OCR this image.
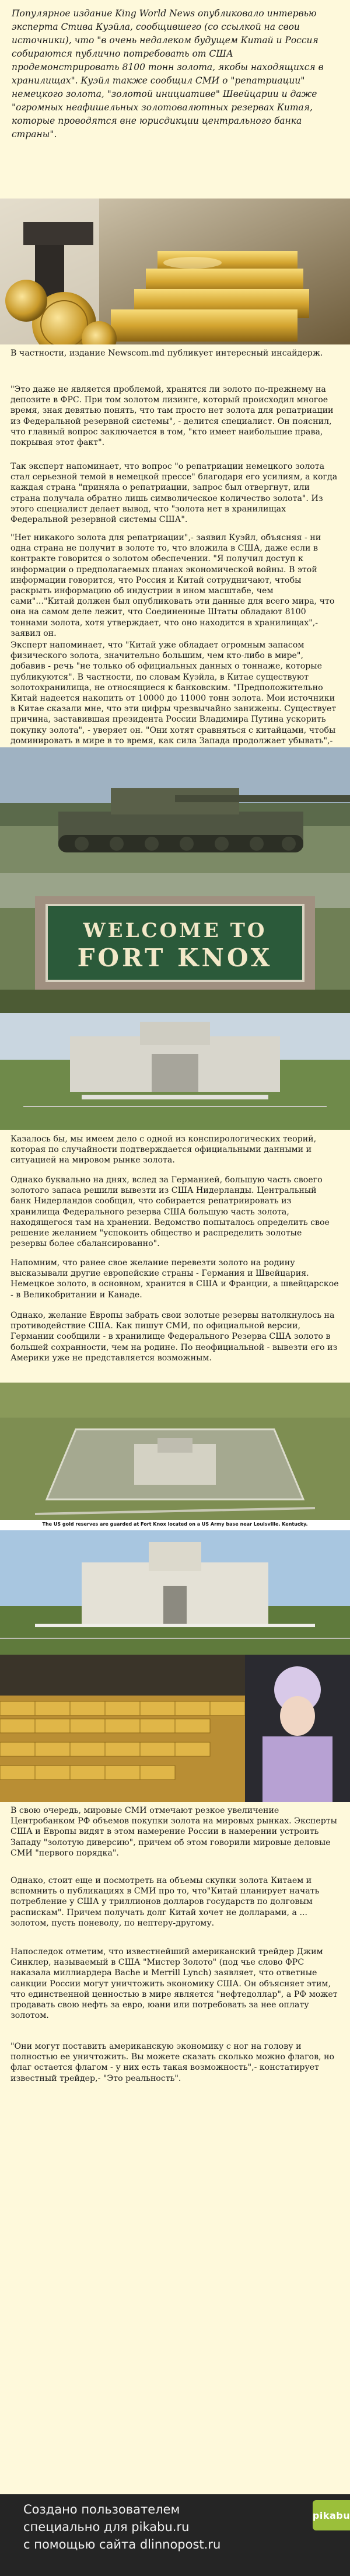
Популярное издание King World News опубликовало интервью эксперта Стива Куэйла, сообщившего (со ссылкой на свои источники), что "в очень недалеком будущем Китай и Россия собираются публично потребовать от США продемонстрировать 8100 тонн золота, якобы находящихся в хранилищах". Куэйл также сообщил СМИ о "репатриации" немецкого золота, "золотой инициативе" Швейцарии и даже "огромных неафишельных золотовалютных резервах Китая, которые проводятся вне юрисдикции центрального банка страны".

В частности, издание Newscom.md публикует интересный инсайдерж.

"Это даже не является проблемой, хранятся ли золото по-прежнему на депозите в ФРС. При том золотом лизинге, который происходил многое время, зная девятью понять, что там просто нет золота для репатриации из Федеральной резервной системы", - делится специалист. Он пояснил, что главный вопрос заключается в том, "кто имеет наибольшие права, покрывая этот факт".

Так эксперт напоминает, что вопрос "о репатриации немецкого золота стал серьезной темой в немецкой прессе" благодаря его усилиям, а когда каждая страна "приняла о репатриации, запрос был отвергнут, или страна получала обратно лишь символическое количество золота". Из этого специалист делает вывод, что "золота нет в хранилищах Федеральной резервной системы США".

"Нет никакого золота для репатриации",- заявил Куэйл, объясняя - ни одна страна не получит в золоте то, что вложила в США, даже если в контракте говорится о золотом обеспечении. "Я получил доступ к информации о предполагаемых планах экономической войны. В этой информации говорится, что Россия и Китай сотрудничают, чтобы раскрыть информацию об индустрии в ином масштабе, чем сами"..."Китай должен был опубликовать эти данные для всего мира, что она на самом деле лежит, что Соединенные Штаты обладают 8100 тоннами золота, хотя утверждает, что оно находится в хранилищах",- заявил он.

Эксперт напоминает, что "Китай уже обладает огромным запасом физического золота, значительно большим, чем кто-либо в мире", добавив - речь "не только об официальных данных о тоннаже, которые публикуются". В частности, по словам Куэйла, в Китае существуют золотохранилища, не относящиеся к банковским. "Предположительно Китай надеется накопить от 10000 до 11000 тонн золота. Мои источники в Китае сказали мне, что эти цифры чрезвычайно занижены. Существует причина, заставившая президента России Владимира Путина ускорить покупку золота", - уверяет он. "Они хотят сравняться с китайцами, чтобы доминировать в мире в то время, как сила Запада продолжает убывать",-

WELCOME TO
FORT KNOX

Казалось бы, мы имеем дело с одной из конспирологических теорий, которая по случайности подтверждается официальными данными и ситуацией на мировом рынке золота.

Однако буквально на днях, вслед за Германией, большую часть своего золотого запаса решили вывезти из США Нидерланды. Центральный банк Нидерландов сообщил, что собирается репатриировать из хранилища Федерального резерва США большую часть золота, находящегося там на хранении. Ведомство попыталось определить свое решение желанием "успокоить общество и распределить золотые резервы более сбалансированно".

Напомним, что ранее свое желание перевезти золото на родину высказывали другие европейские страны - Германия и Швейцария. Немецкое золото, в основном, хранится в США и Франции, а швейцарское - в Великобритании и Канаде.

Однако, желание Европы забрать свои золотые резервы натолкнулось на противодействие США. Как пишут СМИ, по официальной версии, Германии сообщили - в хранилище Федерального Резерва США золото в большей сохранности, чем на родине. По неофициальной - вывезти его из Америки уже не представляется возможным.

The US gold reserves are guarded at Fort Knox located on a US Army base near Louisville, Kentucky.

В свою очередь, мировые СМИ отмечают резкое увеличение Центробанком РФ объемов покупки золота на мировых рынках. Эксперты США и Европы видят в этом намерение России в намерении устроить Западу "золотую диверсию", причем об этом говорили мировые деловые СМИ "первого порядка".

Однако, стоит еще и посмотреть на объемы скупки золота Китаем и вспомнить о публикациях в СМИ про то, что"Китай планирует начать потребление у США у триллионов долларов государств по долговым распискам". Причем получать долг Китай хочет не долларами, а ... золотом, пусть поневолу, по нептеру-другому.

Напоследок отметим, что известнейший американский трейдер Джим Синклер, называемый в США "Мистер Золото" (под чье слово ФРС наказала миллиардера Bache и Merrill Lynch) заявляет, что ответные санкции России могут уничтожить экономику США. Он объясняет этим, что единственной ценностью в мире является "нефтедоллар", а РФ может продавать свою нефть за евро, юани или потребовать за нее оплату золотом.

"Они могут поставить американскую экономику с ног на голову и полностью ее уничтожить. Вы можете сказать сколько можно флагов, но флаг остается флагом - у них есть такая возможность",- констатирует известный трейдер,- "Это реальность".

Создано пользователем
специально для pikabu.ru
с помощью сайта dlinnopost.ru
pikabu
